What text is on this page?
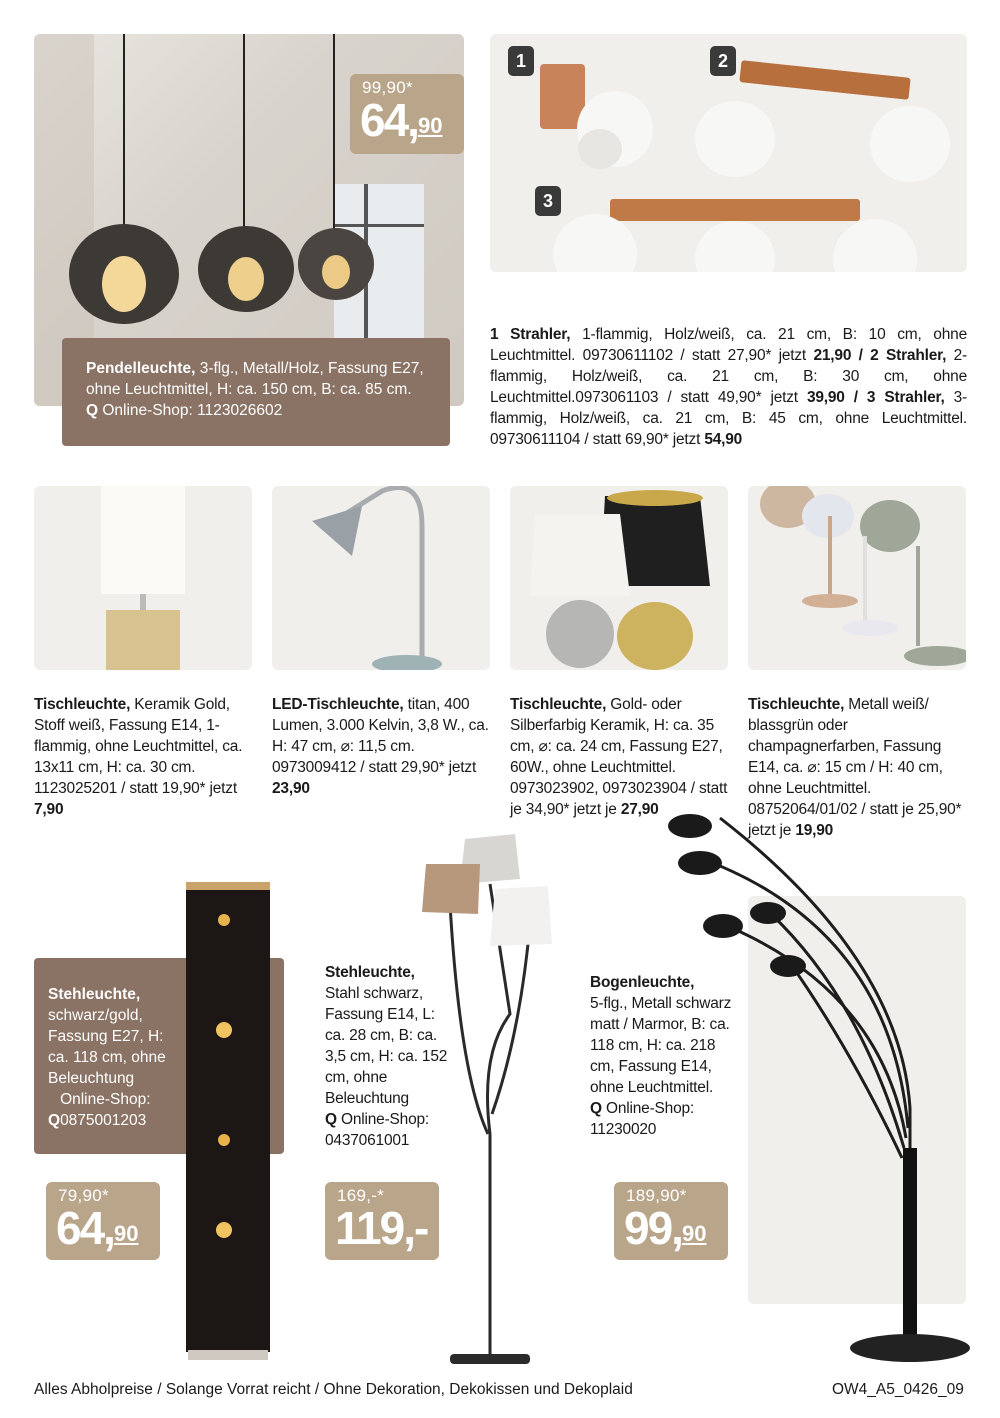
99,90*
64,90
Pendelleuchte, 3-flg., Metall/Holz, Fassung E27, ohne Leuchtmittel, H: ca. 150 cm, B: ca. 85 cm. Q Online-Shop: 1123026602
1	2
3
1 Strahler, 1-flammig, Holz/weiß, ca. 21 cm, B: 10 cm, ohne Leuchtmittel. 09730611102 / statt 27,90* jetzt 21,90 / 2 Strahler, 2-flammig, Holz/weiß, ca. 21 cm, B: 30 cm, ohne Leuchtmittel.0973061103 / statt 49,90* jetzt 39,90 / 3 Strahler, 3-flammig, Holz/weiß, ca. 21 cm, B: 45 cm, ohne Leuchtmittel. 09730611104 / statt 69,90* jetzt 54,90
Tischleuchte, Keramik Gold, Stoff weiß, Fassung E14, 1-flammig, ohne Leuchtmittel, ca. 13x11 cm, H: ca. 30 cm. 1123025201 / statt 19,90* jetzt 7,90
LED-Tischleuchte, titan, 400 Lumen, 3.000 Kelvin, 3,8 W., ca. H: 47 cm, ⌀: 11,5 cm. 0973009412 / statt 29,90* jetzt 23,90
Tischleuchte, Gold- oder Silberfarbig Keramik, H: ca. 35 cm, ⌀: ca. 24 cm, Fassung E27, 60W., ohne Leuchtmittel. 0973023902, 0973023904 / statt je 34,90* jetzt je 27,90
Tischleuchte, Metall weiß/ blassgrün oder champagnerfarben, Fassung E14, ca. ⌀: 15 cm / H: 40 cm, ohne Leuchtmittel. 08752064/01/02 / statt je 25,90* jetzt je 19,90
Stehleuchte,

schwarz/gold, Fassung E27, H: ca. 118 cm, ohne Beleuchtung
QOnline-Shop: 0875001203
79,90*
64,90
Stehleuchte,
Stahl schwarz, Fassung E14, L: ca. 28 cm, B: ca. 3,5 cm, H: ca. 152 cm, ohne Beleuchtung
Q Online-Shop: 0437061001
169,-*
119,-
Bogenleuchte,
5-flg., Metall schwarz matt / Marmor, B: ca. 118 cm, H: ca. 218 cm, Fassung E14, ohne Leuchtmittel.
Q Online-Shop: 11230020
189,90*
99,90
Alles Abholpreise / Solange Vorrat reicht / Ohne Dekoration, Dekokissen und Dekoplaid	OW4_A5_0426_09
